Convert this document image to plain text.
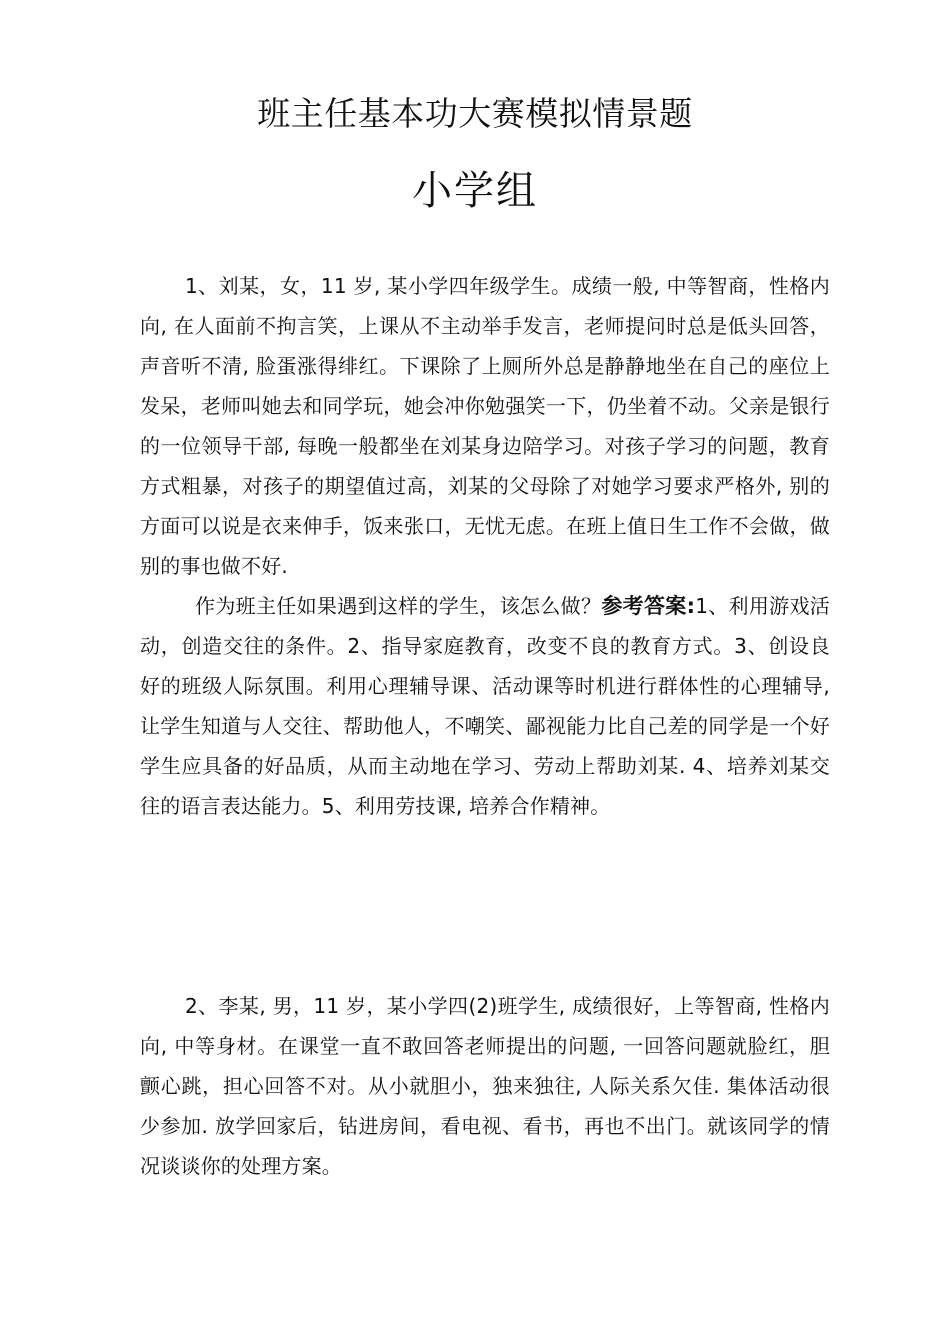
班主任基本功大赛模拟情景题
小学组

1、刘某，女，11 岁, 某小学四年级学生。成绩一般, 中等智商，性格内向, 在人面前不拘言笑，上课从不主动举手发言，老师提问时总是低头回答，声音听不清, 脸蛋涨得绯红。下课除了上厕所外总是静静地坐在自己的座位上发呆，老师叫她去和同学玩，她会冲你勉强笑一下，仍坐着不动。父亲是银行的一位领导干部, 每晚一般都坐在刘某身边陪学习。对孩子学习的问题，教育方式粗暴，对孩子的期望值过高，刘某的父母除了对她学习要求严格外, 别的方面可以说是衣来伸手，饭来张口，无忧无虑。在班上值日生工作不会做，做别的事也做不好.

作为班主任如果遇到这样的学生，该怎么做？参考答案:1、利用游戏活动，创造交往的条件。2、指导家庭教育，改变不良的教育方式。3、创设良好的班级人际氛围。利用心理辅导课、活动课等时机进行群体性的心理辅导, 让学生知道与人交往、帮助他人，不嘲笑、鄙视能力比自己差的同学是一个好学生应具备的好品质，从而主动地在学习、劳动上帮助刘某. 4、培养刘某交往的语言表达能力。5、利用劳技课, 培养合作精神。

2、李某, 男，11 岁，某小学四(2)班学生, 成绩很好，上等智商, 性格内向, 中等身材。在课堂一直不敢回答老师提出的问题, 一回答问题就脸红，胆颤心跳，担心回答不对。从小就胆小，独来独往, 人际关系欠佳. 集体活动很少参加. 放学回家后，钻进房间，看电视、看书，再也不出门。就该同学的情况谈谈你的处理方案。
